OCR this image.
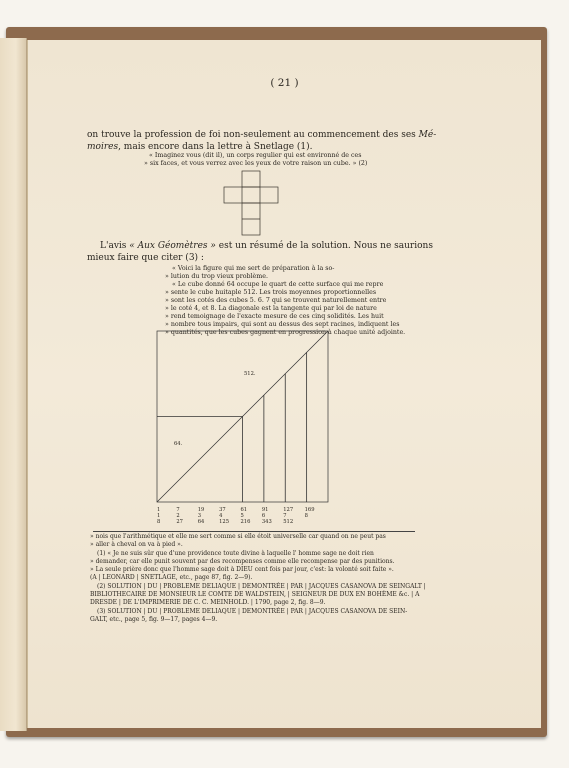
( 21 )
on trouve la profession de foi non-seulement au commencement des ses Mé-
moires, mais encore dans la lettre à Snetlage (1).
« Imaginez vous (dit il), un corps regulier qui est environné de ces
» six faces, et vous verrez avec les yeux de votre raison un cube. » (2)
L'avis « Aux Géomètres » est un résumé de la solution. Nous ne saurions
mieux faire que citer (3) :
« Voici la figure qui me sert de préparation à la so-
» lution du trop vieux problème.
« Le cube donné 64 occupe le quart de cette surface qui me repre
» sente le cube huitaple 512. Les trois moyennes proportionnelles
» sont les cotés des cubes 5. 6. 7 qui se trouvent naturellement entre
» le coté 4, et 8. La diagonale est la tangente qui par loi de nature
» rend temoignage de l'exacte mesure de ces cinq solidités. Les huit
» nombre tous impairs, qui sont au dessus des sept racines, indiquent les
» quantités, que les cubes gagnent en progression à chaque unité adjointe.
512.
64.
1	7	19	37	61	91	127 169
1	2	3	4	5	6	7	8
8	27	64	125 216 343 512
» nois que l'arithmétique et elle me sert comme si elle étoit universelle car quand on ne peut pas
» aller à cheval on va à pied ».
(1) « Je ne suis sûr que d'une providence toute divine à laquelle l' homme sage ne doit rien
» demander, car elle punit souvent par des recompenses comme elle recompense par des punitions.
» La seule prière donc que l'homme sage doit à DIEU cent fois par jour, c'est: la volonté soit faite ».
(A | LEONARD | SNETLAGE, etc., page 87, fig. 2—9).
(2) SOLUTION | DU | PROBLEME DELIAQUE | DEMONTRÉE | PAR | JACQUES CASANOVA DE SEINGALT |
BIBLIOTHECAIRE DE MONSIEUR LE COMTE DE WALDSTEIN, | SEIGNEUR DE DUX EN BOHÈME &c. | A
DRESDE | DE L'IMPRIMERIE DE C. C. MEINHOLD. | 1790, page 2, fig. 8—9.
(3) SOLUTION | DU | PROBLEME DELIAQUE | DEMONTRÉE | PAR | JACQUES CASANOVA DE SEIN-
GALT, etc., page 5, fig. 9—17, pages 4—9.
